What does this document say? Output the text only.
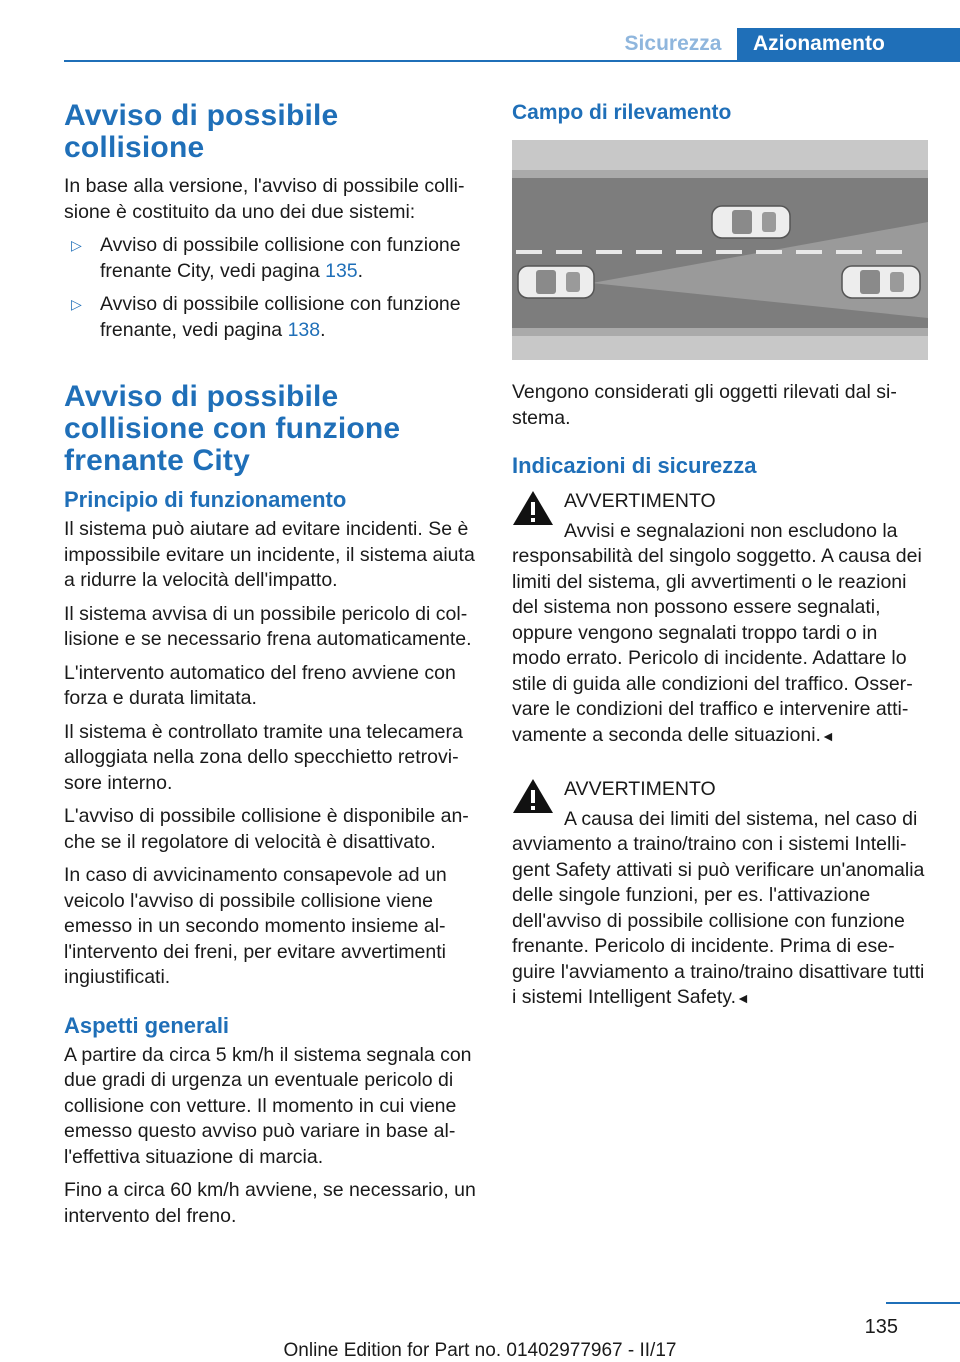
Sicurezza	Azionamento
Avviso di possibile collisione

In base alla versione, l'avviso di possibile collisione è costituito da uno dei due sistemi:

▷ Avviso di possibile collisione con funzione frenante City, vedi pagina 135.
▷ Avviso di possibile collisione con funzione frenante, vedi pagina 138.
Avviso di possibile collisione con funzione frenante City
Principio di funzionamento

Il sistema può aiutare ad evitare incidenti. Se è impossibile evitare un incidente, il sistema aiuta a ridurre la velocità dell'impatto.

Il sistema avvisa di un possibile pericolo di collisione e se necessario frena automaticamente.

L'intervento automatico del freno avviene con forza e durata limitata.

Il sistema è controllato tramite una telecamera alloggiata nella zona dello specchietto retrovisore interno.

L'avviso di possibile collisione è disponibile anche se il regolatore di velocità è disattivato.

In caso di avvicinamento consapevole ad un veicolo l'avviso di possibile collisione viene emesso in un secondo momento insieme all'intervento dei freni, per evitare avvertimenti ingiustificati.

Aspetti generali

A partire da circa 5 km/h il sistema segnala con due gradi di urgenza un eventuale pericolo di collisione con vetture. Il momento in cui viene emesso questo avviso può variare in base all'effettiva situazione di marcia.

Fino a circa 60 km/h avviene, se necessario, un intervento del freno.

Campo di rilevamento

Vengono considerati gli oggetti rilevati dal sistema.

Indicazioni di sicurezza

AVVERTIMENTO

Avvisi e segnalazioni non escludono la

responsabilità del singolo soggetto. A causa dei limiti del sistema, gli avvertimenti o le reazioni del sistema non possono essere segnalati, oppure vengono segnalati troppo tardi o in modo errato. Pericolo di incidente. Adattare lo stile di guida alle condizioni del traffico. Osservare le condizioni del traffico e intervenire attivamente a seconda delle situazioni.◄

AVVERTIMENTO

A causa dei limiti del sistema, nel caso di

avviamento a traino/traino con i sistemi Intelligent Safety attivati si può verificare un'anomalia delle singole funzioni, per es. l'attivazione dell'avviso di possibile collisione con funzione frenante. Pericolo di incidente. Prima di eseguire l'avviamento a traino/traino disattivare tutti i sistemi Intelligent Safety.◄

135
Online Edition for Part no. 01402977967 - II/17
